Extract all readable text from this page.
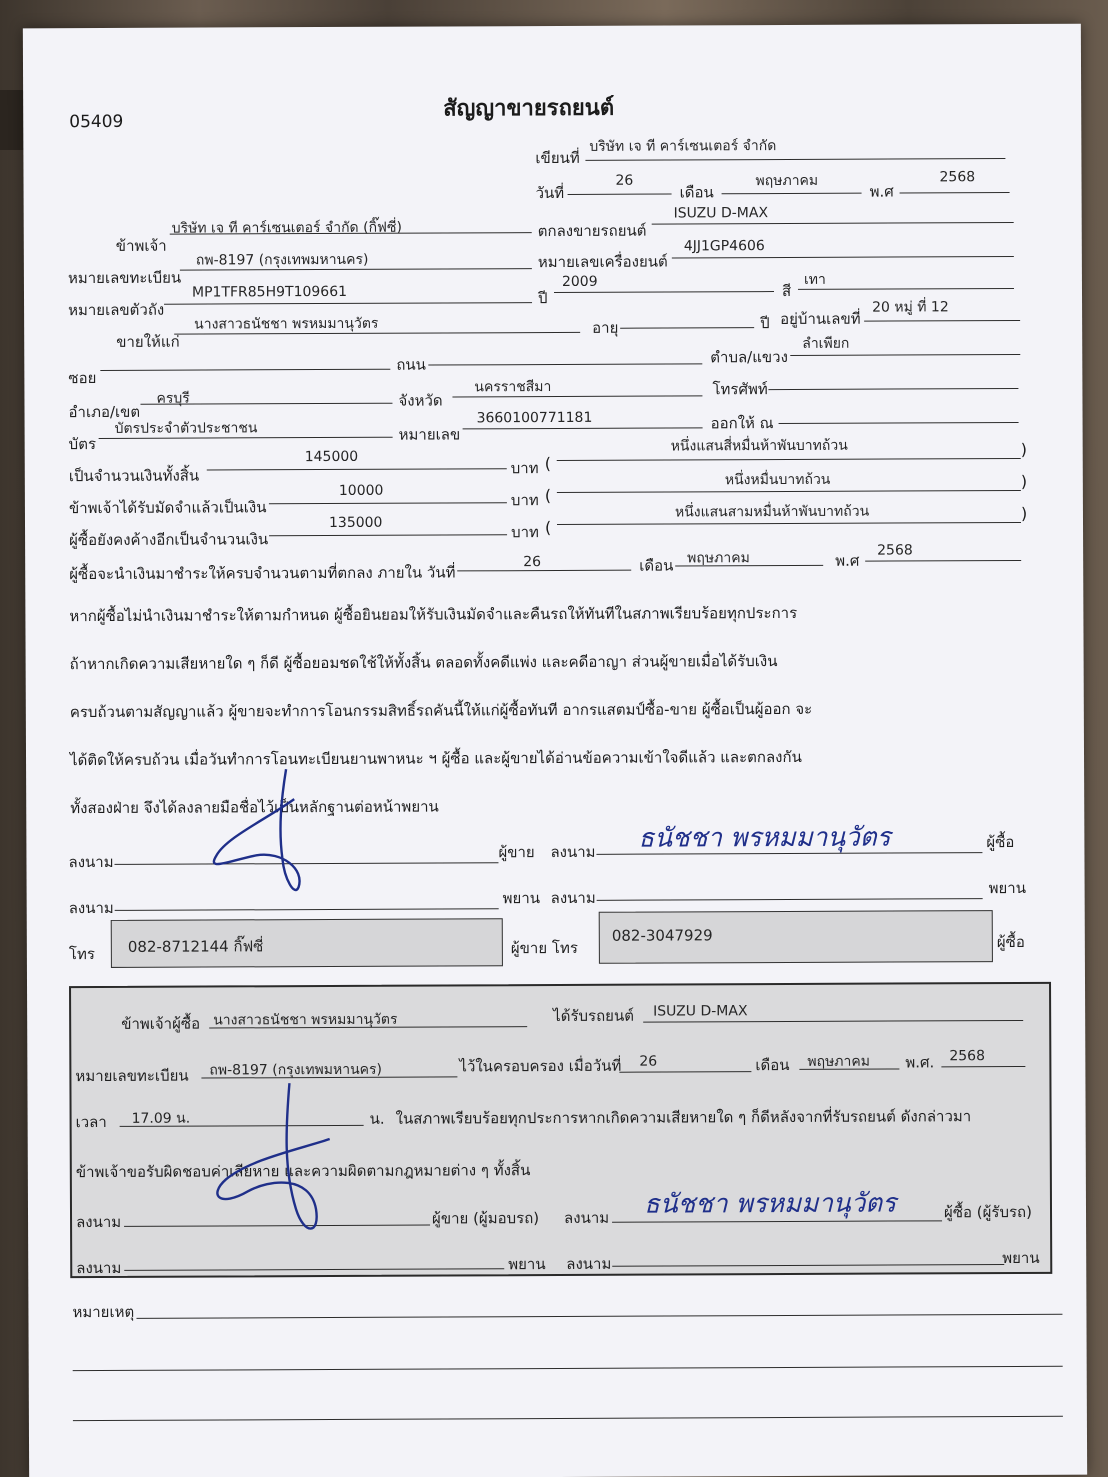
05409
สัญญาขายรถยนต์
เขียนที่
บริษัท เจ ที คาร์เซนเตอร์ จำกัด
วันที่
26
เดือน
พฤษภาคม
พ.ศ
2568
ข้าพเจ้า
บริษัท เจ ที คาร์เซนเตอร์ จำกัด (กิ๊ฟซี่)	ตกลงขายรถยนต์
ISUZU D-MAX
หมายเลขทะเบียน
ถพ-8197 (กรุงเทพมหานคร)	หมายเลขเครื่องยนต์
4JJ1GP4606
หมายเลขตัวถัง
MP1TFR85H9T109661	ปี
2009
สี
เทา
ขายให้แก่
นางสาวธนัชชา พรหมมานุวัตร	อายุ	ปี อยู่บ้านเลขที่
20 หมู่ ที่ 12
ซอย
ถนน	ตำบล/แขวง
ลำเพียก
อำเภอ/เขต
ครบุรี	จังหวัด
นครราชสีมา	โทรศัพท์
บัตร
บัตรประจำตัวประชาชน	หมายเลข
3660100771181	ออกให้ ณ
เป็นจำนวนเงินทั้งสิ้น
145000
บาท (
หนึ่งแสนสี่หมื่นห้าพันบาทถ้วน	)
ข้าพเจ้าได้รับมัดจำแล้วเป็นเงิน
10000
บาท (
หนึ่งหมื่นบาทถ้วน	)
ผู้ซื้อยังคงค้างอีกเป็นจำนวนเงิน
135000
บาท (
หนึ่งแสนสามหมื่นห้าพันบาทถ้วน	)
ผู้ซื้อจะนำเงินมาชำระให้ครบจำนวนตามที่ตกลง ภายใน วันที่
26	เดือน พฤษภาคม	พ.ศ
2568
หากผู้ซื้อไม่นำเงินมาชำระให้ตามกำหนด ผู้ซื้อยินยอมให้รับเงินมัดจำและคืนรถให้ทันทีในสภาพเรียบร้อยทุกประการ
ถ้าหากเกิดความเสียหายใด ๆ ก็ดี ผู้ซื้อยอมชดใช้ให้ทั้งสิ้น ตลอดทั้งคดีแพ่ง และคดีอาญา ส่วนผู้ขายเมื่อได้รับเงิน
ครบถ้วนตามสัญญาแล้ว ผู้ขายจะทำการโอนกรรมสิทธิ์รถคันนี้ให้แก่ผู้ซื้อทันที อากรแสตมป์ซื้อ-ขาย ผู้ซื้อเป็นผู้ออก จะ
ได้ติดให้ครบถ้วน เมื่อวันทำการโอนทะเบียนยานพาหนะ ฯ ผู้ซื้อ และผู้ขายได้อ่านข้อความเข้าใจดีแล้ว และตกลงกัน
ทั้งสองฝ่าย จึงได้ลงลายมือชื่อไว้เป็นหลักฐานต่อหน้าพยาน
ลงนาม
ผู้ขาย ลงนาม ธนัชชา พรหมมานุวัตร	ผู้ซื้อ
ลงนาม
พยาน ลงนาม
พยาน
โทร 082-8712144 กิ๊ฟซี่	ผู้ขาย โทร
082-3047929	ผู้ซื้อ
ข้าพเจ้าผู้ซื้อ นางสาวธนัชชา พรหมมานุวัตร	ได้รับรถยนต์ ISUZU D-MAX
หมายเลขทะเบียน ถพ-8197 (กรุงเทพมหานคร)	ไว้ในครอบครอง เมื่อวันที่ 26	เดือน พฤษภาคม พ.ศ. 2568
เวลา 17.09 น.	น. ในสภาพเรียบร้อยทุกประการหากเกิดความเสียหายใด ๆ ก็ดีหลังจากที่รับรถยนต์ ดังกล่าวมา
ข้าพเจ้าขอรับผิดชอบค่าเสียหาย และความผิดตามกฎหมายต่าง ๆ ทั้งสิ้น
ลงนาม	ผู้ขาย (ผู้มอบรถ) ลงนาม ธนัชชา พรหมมานุวัตร	ผู้ซื้อ (ผู้รับรถ)
ลงนาม	พยาน ลงนาม	พยาน
หมายเหตุ
